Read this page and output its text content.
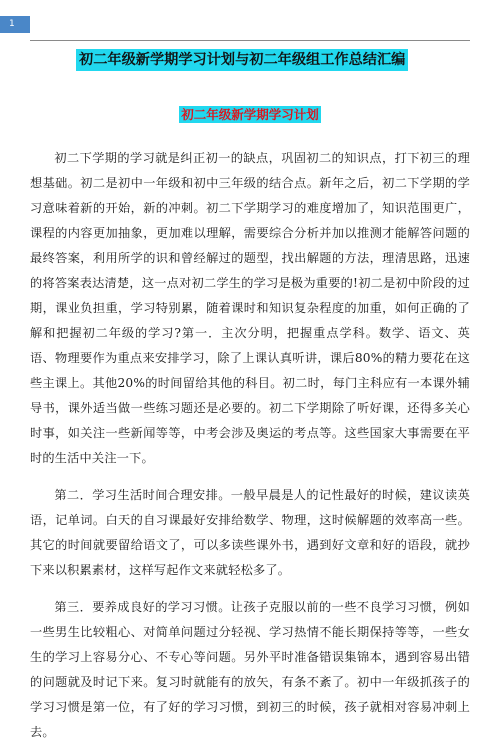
1
初二年级新学期学习计划与初二年级组工作总结汇编
初二年级新学期学习计划

初二下学期的学习就是纠正初一的缺点，巩固初二的知识点，打下初三的理想基础。初二是初中一年级和初中三年级的结合点。新年之后，初二下学期的学习意味着新的开始，新的冲刺。初二下学期学习的难度增加了，知识范围更广，课程的内容更加抽象，更加难以理解，需要综合分析并加以推测才能解答问题的最终答案，利用所学的识和曾经解过的题型，找出解题的方法，理清思路，迅速的将答案表达清楚，这一点对初二学生的学习是极为重要的!初二是初中阶段的过期，课业负担重，学习特别累，随着课时和知识复杂程度的加重，如何正确的了解和把握初二年级的学习?第一．主次分明，把握重点学科。数学、语文、英语、物理要作为重点来安排学习，除了上课认真听讲，课后80%的精力要花在这些主课上。其他20%的时间留给其他的科目。初二时，每门主科应有一本课外辅导书，课外适当做一些练习题还是必要的。初二下学期除了听好课，还得多关心时事，如关注一些新闻等等，中考会涉及奥运的考点等。这些国家大事需要在平时的生活中关注一下。

第二．学习生活时间合理安排。一般早晨是人的记性最好的时候，建议读英语，记单词。白天的自习课最好安排给数学、物理，这时候解题的效率高一些。其它的时间就要留给语文了，可以多读些课外书，遇到好文章和好的语段，就抄下来以积累素材，这样写起作文来就轻松多了。

第三．要养成良好的学习习惯。让孩子克服以前的一些不良学习习惯，例如一些男生比较粗心、对简单问题过分轻视、学习热情不能长期保持等等，一些女生的学习上容易分心、不专心等问题。另外平时准备错误集锦本，遇到容易出错的问题就及时记下来。复习时就能有的放矢，有条不紊了。初中一年级抓孩子的学习习惯是第一位，有了好的学习习惯，到初三的时候，孩子就相对容易冲刺上去。
